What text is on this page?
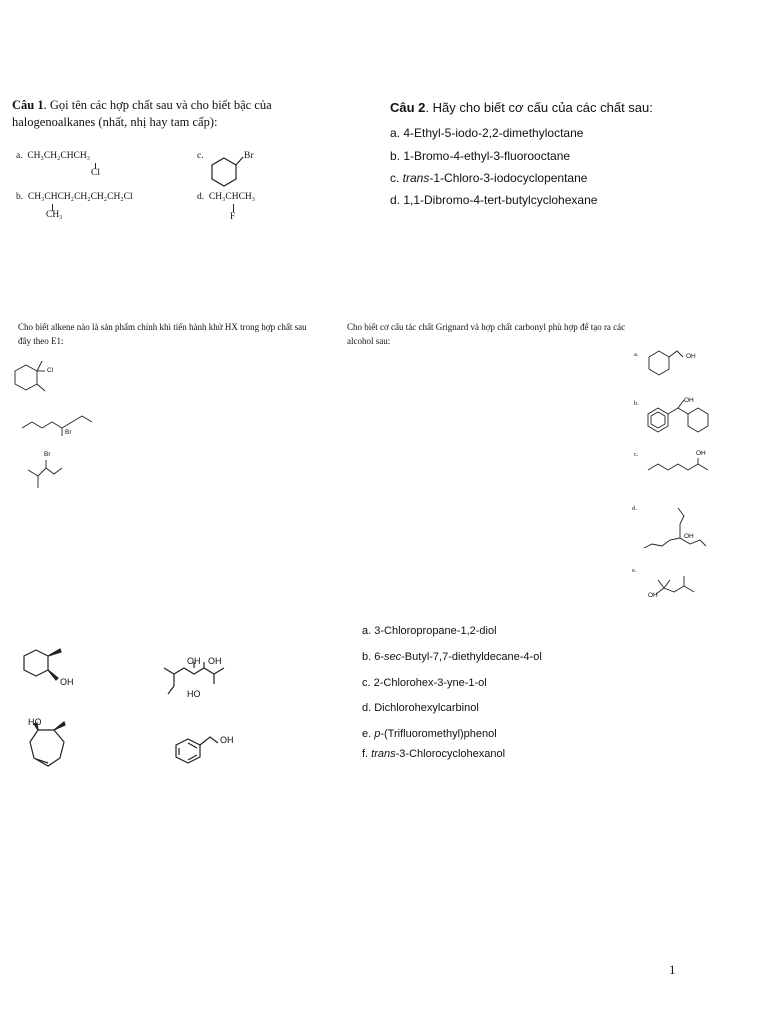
Câu 1. Gọi tên các hợp chất sau và cho biết bậc của halogenoalkanes (nhất, nhị hay tam cấp):
a. CH₃CH₂CHCH₃
Cl
b. CH₃CHCH₂CH₂CH₂CH₂Cl
CH₃
c.	Br
d. CH₃CHCH₃
F
Câu 2. Hãy cho biết cơ cấu của các chất sau:
a. 4-Ethyl-5-iodo-2,2-dimethyloctane
b. 1-Bromo-4-ethyl-3-fluorooctane
c. trans-1-Chloro-3-iodocyclopentane
d. 1,1-Dibromo-4-tert-butylcyclohexane
Cho biết alkene nào là sản phẩm chính khi tiến hành khử HX trong hợp chất sau đây theo E1:
Cl
Br
Br
Cho biết cơ cấu tác chất Grignard và hợp chất carbonyl phù hợp để tạo ra các alcohol sau:
a.	OH
b.	OH
c.	OH
d.
OH
e.
OH
OH
OH OH
HO
HO
OH
a. 3-Chloropropane-1,2-diol
b. 6-sec-Butyl-7,7-diethyldecane-4-ol
c. 2-Chlorohex-3-yne-1-ol
d. Dichlorohexylcarbinol
e. p-(Trifluoromethyl)phenol
f. trans-3-Chlorocyclohexanol
1
